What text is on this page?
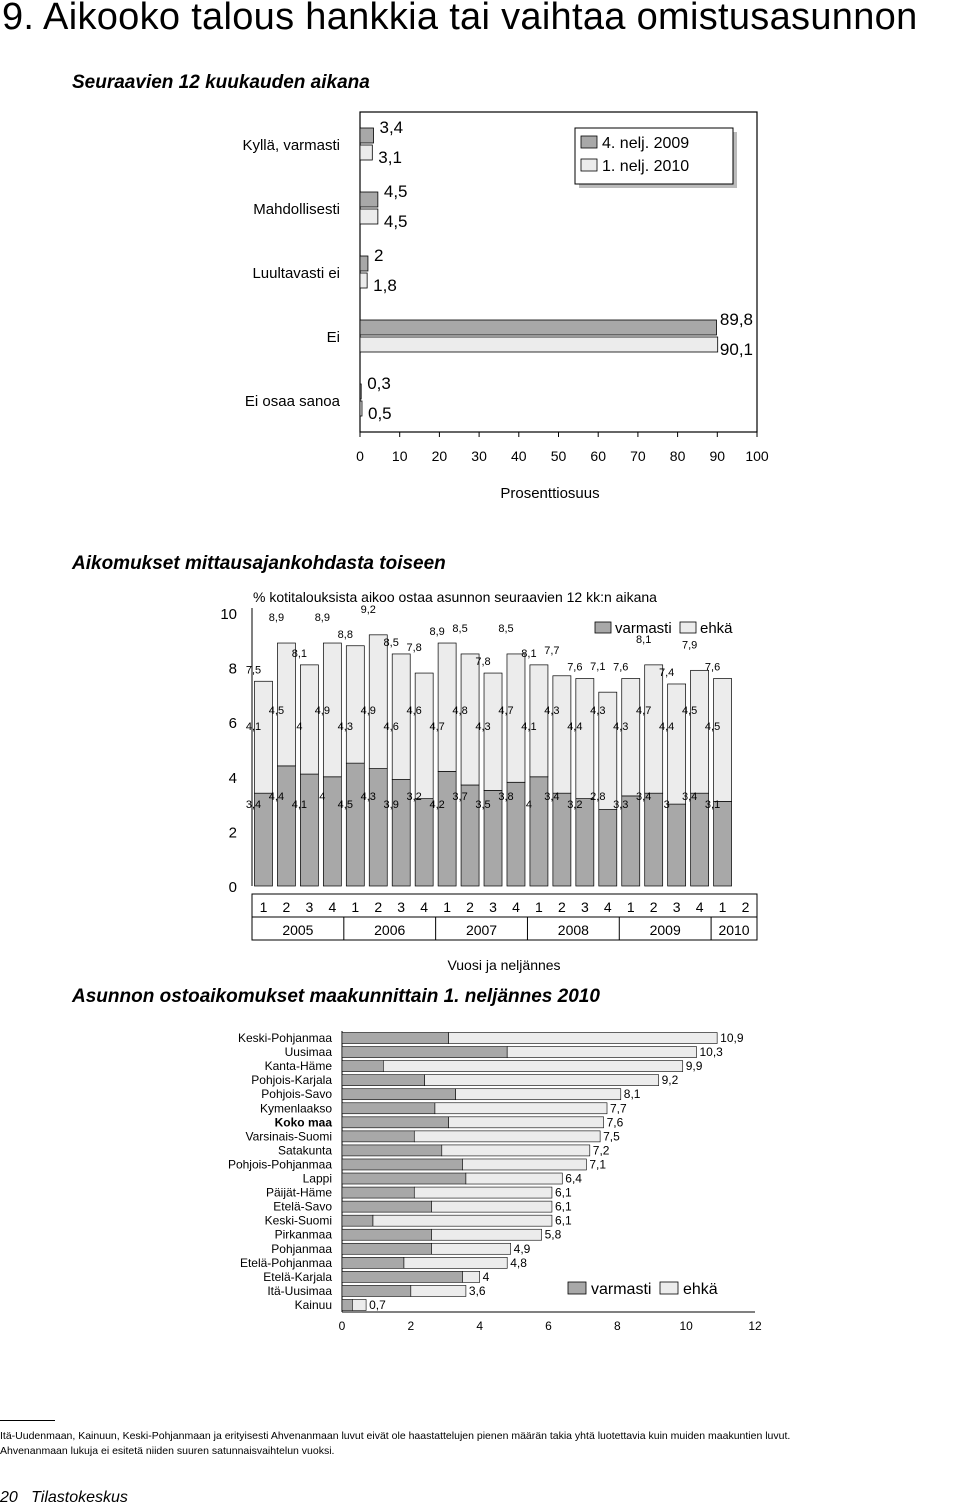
9. Aikooko talous hankkia tai vaihtaa omistusasunnon
Seuraavien 12 kuukauden aikana
Kyllä, varmasti
3,4
3,1
Mahdollisesti
4,5
4,5
Luultavasti ei
2
1,8
Ei
89,8
90,1
Ei osaa sanoa
0,3
0,5
0 10 20 30 40 50 60 70 80 90 100
Prosenttiosuus
4. nelj. 2009
1. nelj. 2010
Aikomukset mittausajankohdasta toiseen
0
2
4
6
8
10
% kotitalouksista aikoo ostaa asunnon seuraavien 12 kk:n aikana
3,4
4,1
7,5
4,4
4,5
8,9
4,1
4
8,1
4
4,9
8,9
4,5
4,3
8,8
4,3
4,9
9,2
3,9
4,6
8,5
3,2
4,6
7,8
4,2
4,7
8,9
3,7
4,8
8,5
3,5
4,3
7,8
3,8
4,7
8,5
4
4,1
8,1
3,4
4,3
7,7
3,2
4,4
7,6
2,8
4,3
7,1
3,3
4,3
7,6
3,4
4,7
8,1
3
4,4
7,4
3,4
4,5
7,9
3,1
4,5
7,6
1 2 3 4 1 2 3 4 1 2 3 4 1 2 3 4 1 2 3 4 1 2
2005	2006	2007	2008	2009	2010
Vuosi ja neljännes
varmasti ehkä
Asunnon ostoaikomukset maakunnittain 1. neljännes 2010
Keski-Pohjanmaa	10,9
Uusimaa	10,3
Kanta-Häme	9,9
Pohjois-Karjala	9,2
Pohjois-Savo	8,1
Kymenlaakso	7,7
Koko maa	7,6
Varsinais-Suomi	7,5
Satakunta	7,2
Pohjois-Pohjanmaa	7,1
Lappi	6,4
Päijät-Häme	6,1
Etelä-Savo	6,1
Keski-Suomi	6,1
Pirkanmaa	5,8
Pohjanmaa	4,9
Etelä-Pohjanmaa	4,8
Etelä-Karjala	4
Itä-Uusimaa	3,6
Kainuu	0,7
0	2	4	6	8	10	12
varmasti ehkä
Itä-Uudenmaan, Kainuun, Keski-Pohjanmaan ja erityisesti Ahvenanmaan luvut eivät ole haastattelujen pienen määrän takia yhtä luotettavia kuin muiden maakuntien luvut.
Ahvenanmaan lukuja ei esitetä niiden suuren satunnaisvaihtelun vuoksi.
20 Tilastokeskus
